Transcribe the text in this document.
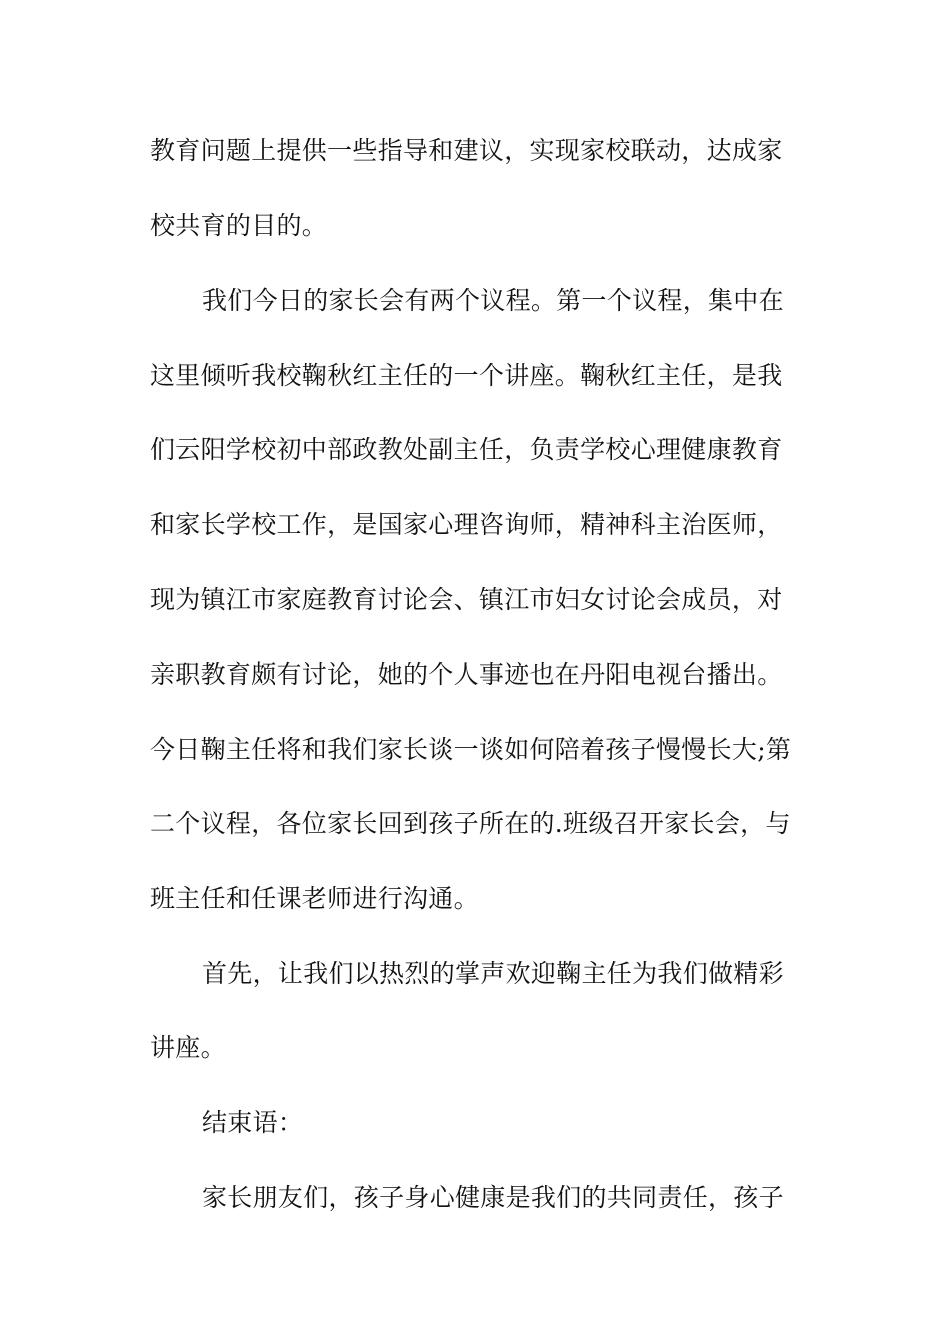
教育问题上提供一些指导和建议，实现家校联动，达成家
校共育的目的。
我们今日的家长会有两个议程。第一个议程，集中在
这里倾听我校鞠秋红主任的一个讲座。鞠秋红主任，是我
们云阳学校初中部政教处副主任，负责学校心理健康教育
和家长学校工作，是国家心理咨询师，精神科主治医师，
现为镇江市家庭教育讨论会、镇江市妇女讨论会成员，对
亲职教育颇有讨论，她的个人事迹也在丹阳电视台播出。
今日鞠主任将和我们家长谈一谈如何陪着孩子慢慢长大;第
二个议程，各位家长回到孩子所在的.班级召开家长会，与
班主任和任课老师进行沟通。
首先，让我们以热烈的掌声欢迎鞠主任为我们做精彩
讲座。
结束语：
家长朋友们，孩子身心健康是我们的共同责任，孩子
